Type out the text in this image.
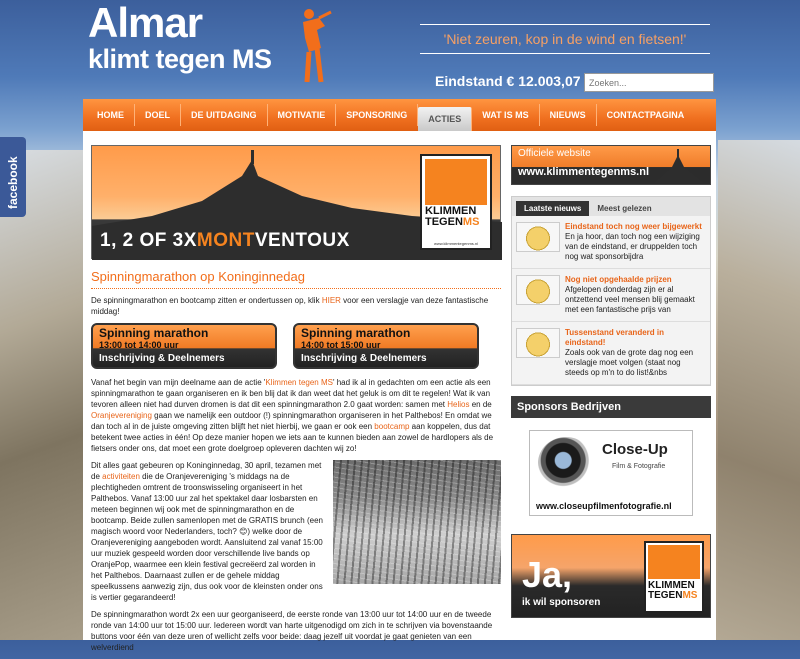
Almar
klimt tegen MS
'Niet zeuren, kop in de wind en fietsen!'
Eindstand € 12.003,07
Zoeken...
facebook
HOME	DOEL	DE UITDAGING	MOTIVATIE	SPONSORING	ACTIES	WAT IS MS	NIEUWS	CONTACTPAGINA
1, 2 OF 3XMONTVENTOUX
KLIMMEN
TEGENMS
www.klimmentegenms.nl
Spinningmarathon op Koninginnedag

De spinningmarathon en bootcamp zitten er ondertussen op, klik HIER voor een verslagje van deze fantastische middag!

Spinning marathon
13:00 tot 14:00 uur
Inschrijving & Deelnemers
Spinning marathon
14:00 tot 15:00 uur
Inschrijving & Deelnemers

Vanaf het begin van mijn deelname aan de actie 'Klimmen tegen MS' had ik al in gedachten om een actie als een spinningmarathon te gaan organiseren en ik ben blij dat ik dan weet dat het geluk is om dit te regelen! Wat ik van tevoren alleen niet had durven dromen is dat dit een spinningmarathon 2.0 gaat worden: samen met Helios en de Oranjevereniging gaan we namelijk een outdoor (!) spinningmarathon organiseren in het Palthebos! En omdat we dan toch al in de juiste omgeving zitten blijft het niet hierbij, we gaan er ook een bootcamp aan koppelen, dus dat betekent twee acties in één! Op deze manier hopen we iets aan te kunnen bieden aan zowel de hardlopers als de fietsers onder ons, dat moet een grote doelgroep opleveren dachten wij zo!

Dit alles gaat gebeuren op Koninginnedag, 30 april, tezamen met de activiteiten die de Oranjevereniging 's middags na de plechtigheden omtrent de troonswisseling organiseert in het Palthebos. Vanaf 13:00 uur zal het spektakel daar losbarsten en meteen beginnen wij ook met de spinningmarathon en de bootcamp. Beide zullen samenlopen met de GRATIS brunch (een magisch woord voor Nederlanders, toch? 😊) welke door de Oranjevereniging aangeboden wordt. Aansluitend zal vanaf 15:00 uur muziek gespeeld worden door verschillende live bands op OranjePop, waarmee een klein festival gecreëerd zal worden in het Palthebos. Daarnaast zullen er de gehele middag speelkussens aanwezig zijn, dus ook voor de kleinsten onder ons is vertier gegarandeerd!

De spinningmarathon wordt 2x een uur georganiseerd, de eerste ronde van 13:00 uur tot 14:00 uur en de tweede ronde van 14:00 uur tot 15:00 uur. Iedereen wordt van harte uitgenodigd om zich in te schrijven via bovenstaande buttons voor één van deze uren of wellicht zelfs voor beide: daag jezelf uit voordat je gaat genieten van een welverdiend

Officiele website
www.klimmentegenms.nl
Laatste nieuws	Meest gelezen
Eindstand toch nog weer bijgewerkt
En ja hoor, dan toch nog een wijziging van de eindstand, er druppelden toch nog wat sponsorbijdra
Nog niet opgehaalde prijzen
Afgelopen donderdag zijn er al ontzettend veel mensen blij gemaakt met een fantastische prijs van
Tussenstand veranderd in eindstand!
Zoals ook van de grote dag nog een verslagje moet volgen (staat nog steeds op m'n to do list!&nbs
Sponsors Bedrijven
Close-Up
Film & Fotografie
www.closeupfilmenfotografie.nl
Ja,
ik wil sponsoren
KLIMMEN
TEGENMS
